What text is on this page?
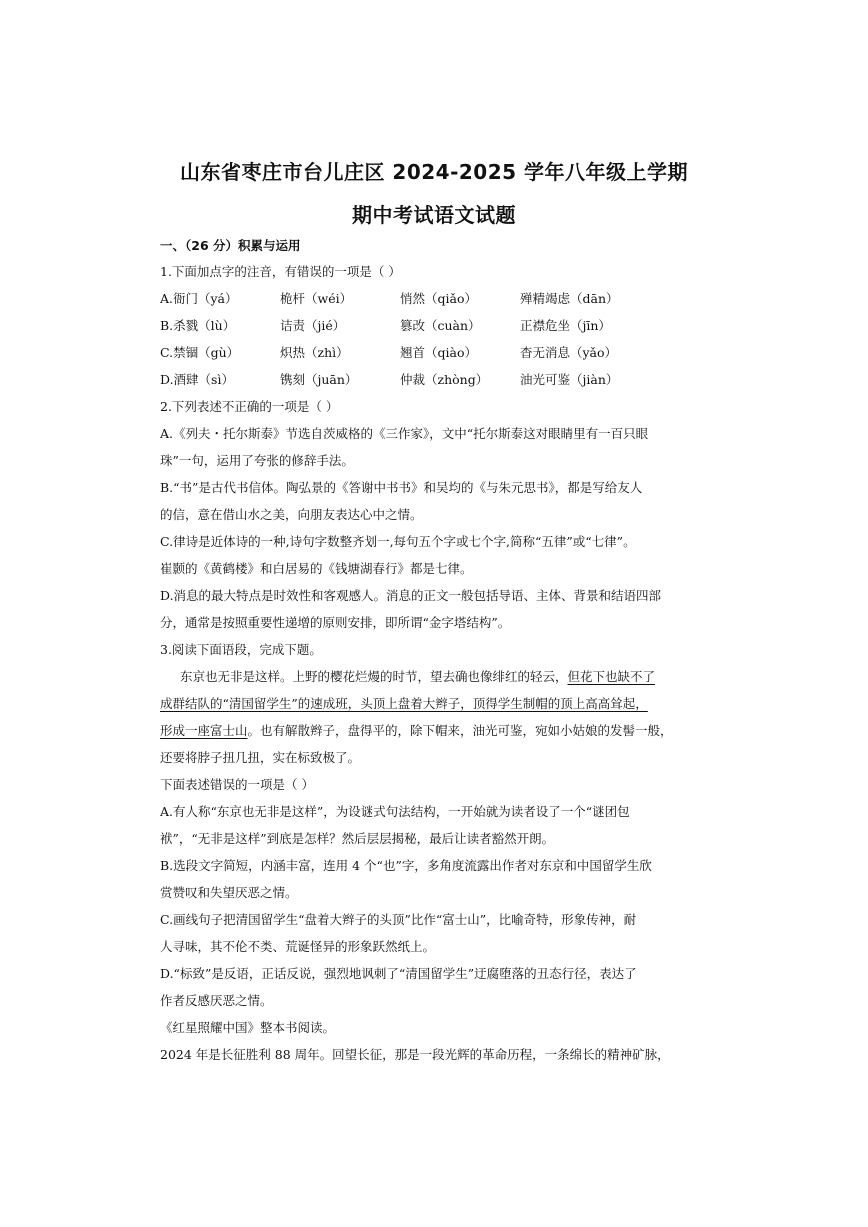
山东省枣庄市台儿庄区 2024-2025 学年八年级上学期
期中考试语文试题
一、（26 分）积累与运用
1.下面加点字的注音，有错误的一项是（ ）
A.衙门（yá）	桅杆（wéi）	悄然（qiǎo）	殚精竭虑（dān）
B.杀戮（lù）	诘责（jié）	篡改（cuàn）	正襟危坐（jīn）
C.禁锢（gù）	炽热（zhì）	翘首（qiào）	杳无消息（yǎo）
D.酒肆（sì）	镌刻（juān）	仲裁（zhòng）	油光可鉴（jiàn）
2.下列表述不正确的一项是（ ）
A.《列夫・托尔斯泰》节选自茨威格的《三作家》，文中“托尔斯泰这对眼睛里有一百只眼
珠”一句，运用了夸张的修辞手法。
B.“书”是古代书信体。陶弘景的《答谢中书书》和吴均的《与朱元思书》，都是写给友人
的信，意在借山水之美，向朋友表达心中之情。
C.律诗是近体诗的一种,诗句字数整齐划一,每句五个字或七个字,简称“五律”或“七律”。
崔颢的《黄鹤楼》和白居易的《钱塘湖春行》都是七律。
D.消息的最大特点是时效性和客观感人。消息的正文一般包括导语、主体、背景和结语四部
分，通常是按照重要性递增的原则安排，即所谓“金字塔结构”。
3.阅读下面语段，完成下题。
东京也无非是这样。上野的樱花烂熳的时节，望去确也像绯红的轻云，但花下也缺不了
成群结队的“清国留学生”的速成班，头顶上盘着大辫子，顶得学生制帽的顶上高高耸起，
形成一座富士山。也有解散辫子，盘得平的，除下帽来，油光可鉴，宛如小姑娘的发髻一般，
还要将脖子扭几扭，实在标致极了。
下面表述错误的一项是（ ）
A.有人称“东京也无非是这样”，为设谜式句法结构，一开始就为读者设了一个“谜团包
袱”，“无非是这样”到底是怎样？然后层层揭秘，最后让读者豁然开朗。
B.选段文字简短，内涵丰富，连用 4 个“也”字，多角度流露出作者对东京和中国留学生欣
赏赞叹和失望厌恶之情。
C.画线句子把清国留学生“盘着大辫子的头顶”比作“富士山”，比喻奇特，形象传神，耐
人寻味，其不伦不类、荒诞怪异的形象跃然纸上。
D.“标致”是反语，正话反说，强烈地讽刺了“清国留学生”迂腐堕落的丑态行径，表达了
作者反感厌恶之情。
《红星照耀中国》整本书阅读。
2024 年是长征胜利 88 周年。回望长征，那是一段光辉的革命历程，一条绵长的精神矿脉，
